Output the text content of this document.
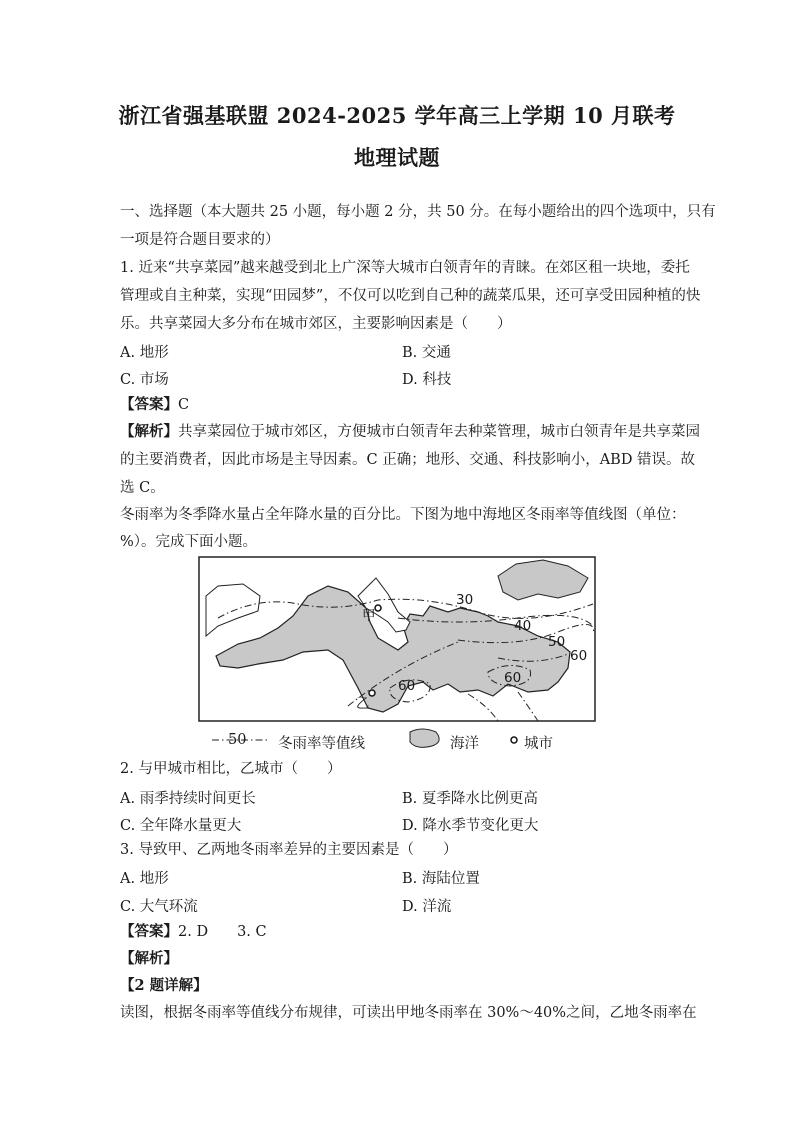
浙江省强基联盟 2024-2025 学年高三上学期 10 月联考
地理试题
一、选择题（本大题共 25 小题，每小题 2 分，共 50 分。在每小题给出的四个选项中，只有
一项是符合题目要求的）
1. 近来“共享菜园”越来越受到北上广深等大城市白领青年的青睐。在郊区租一块地，委托
管理或自主种菜，实现“田园梦”，不仅可以吃到自己种的蔬菜瓜果，还可享受田园种植的快
乐。共享菜园大多分布在城市郊区，主要影响因素是（　　）
A. 地形	B. 交通
C. 市场	D. 科技
【答案】C
【解析】共享菜园位于城市郊区，方便城市白领青年去种菜管理，城市白领青年是共享菜园
的主要消费者，因此市场是主导因素。C 正确；地形、交通、科技影响小，ABD 错误。故
选 C。
冬雨率为冬季降水量占全年降水量的百分比。下图为地中海地区冬雨率等值线图（单位：
%）。完成下面小题。
甲
乙
30
40
50
60
60	60
50 冬雨率等值线	海洋	城市
2. 与甲城市相比，乙城市（　　）
A. 雨季持续时间更长	B. 夏季降水比例更高
C. 全年降水量更大	D. 降水季节变化更大
3. 导致甲、乙两地冬雨率差异的主要因素是（　　）
A. 地形	B. 海陆位置
C. 大气环流	D. 洋流
【答案】2. D　　3. C
【解析】
【2 题详解】
读图，根据冬雨率等值线分布规律，可读出甲地冬雨率在 30%～40%之间，乙地冬雨率在
